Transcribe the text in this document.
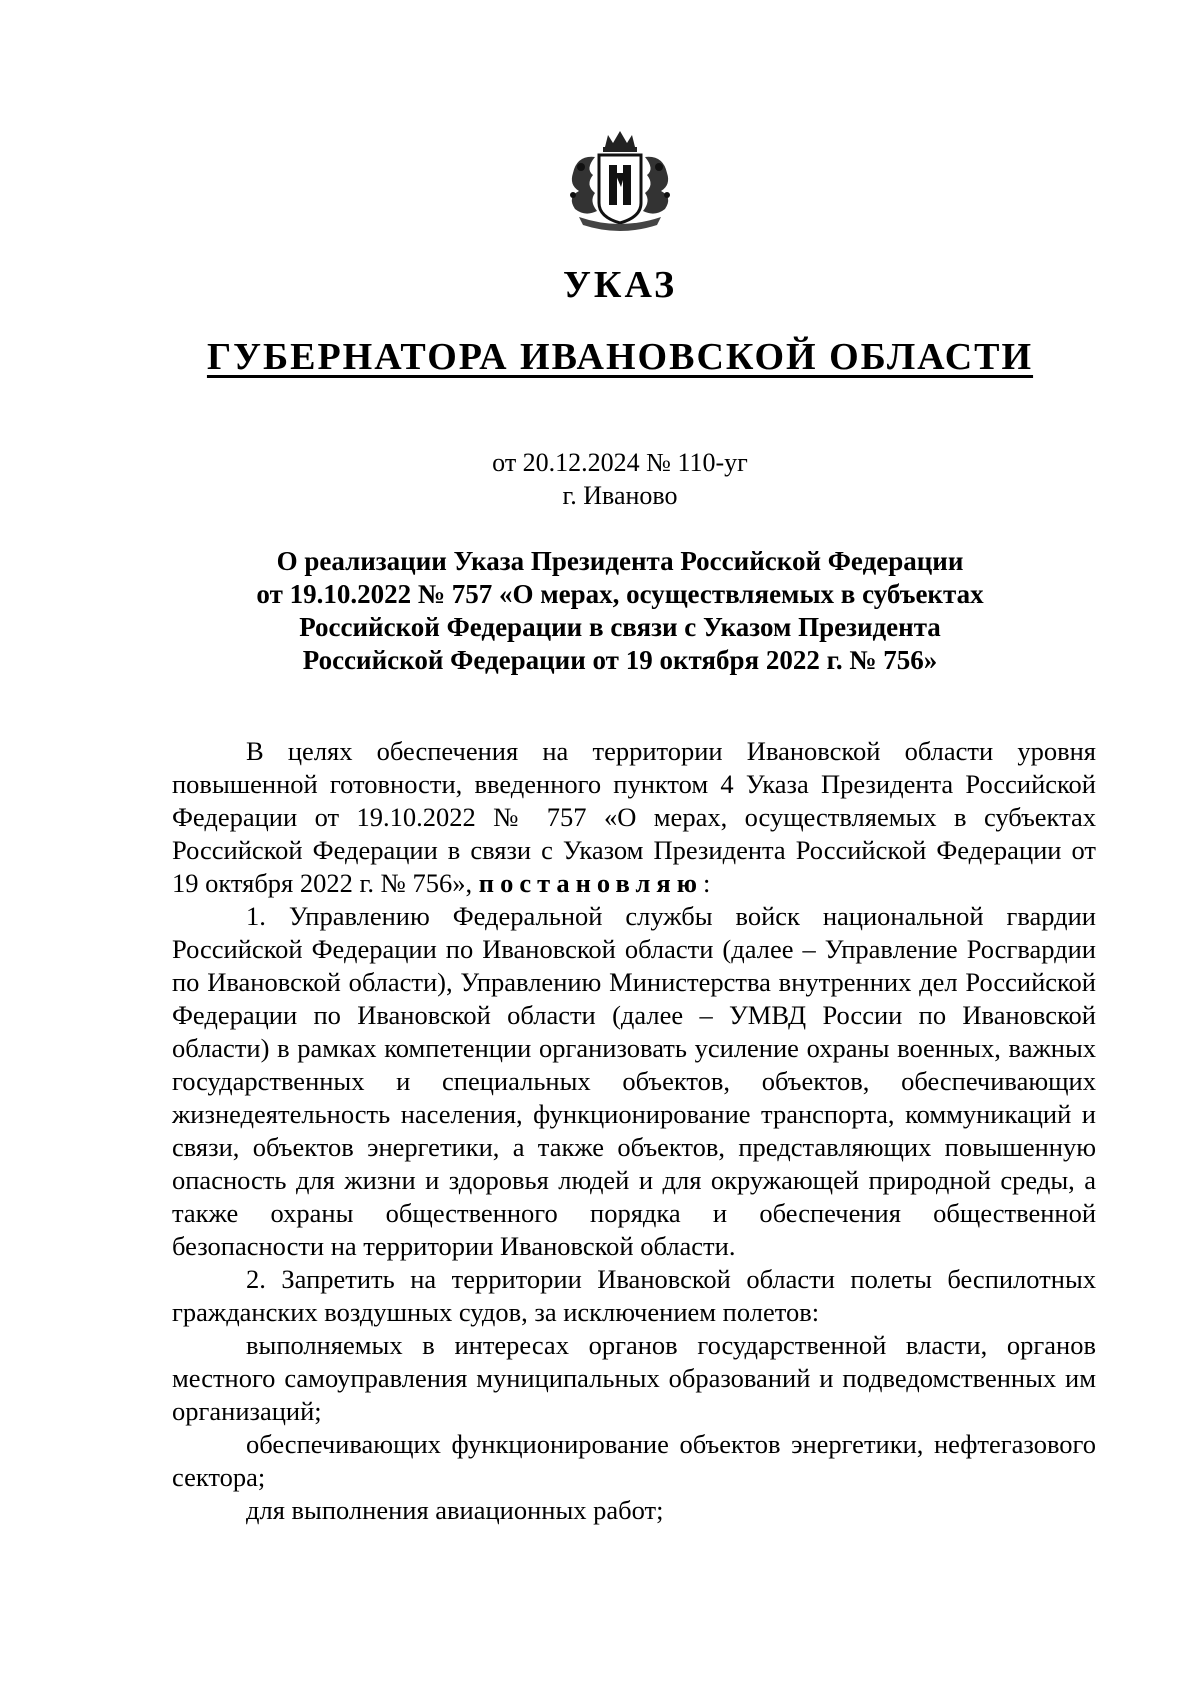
УКАЗ
ГУБЕРНАТОРА ИВАНОВСКОЙ ОБЛАСТИ
от 20.12.2024 № 110-уг
г. Иваново
О реализации Указа Президента Российской Федерации
от 19.10.2022 № 757 «О мерах, осуществляемых в субъектах
Российской Федерации в связи с Указом Президента
Российской Федерации от 19 октября 2022 г. № 756»

В целях обеспечения на территории Ивановской области уровня повышенной готовности, введенного пунктом 4 Указа Президента Российской Федерации от 19.10.2022 № 757 «О мерах, осуществляемых в субъектах Российской Федерации в связи с Указом Президента Российской Федерации от 19 октября 2022 г. № 756», постановляю:

1. Управлению Федеральной службы войск национальной гвардии Российской Федерации по Ивановской области (далее – Управление Росгвардии по Ивановской области), Управлению Министерства внутренних дел Российской Федерации по Ивановской области (далее – УМВД России по Ивановской области) в рамках компетенции организовать усиление охраны военных, важных государственных и специальных объектов, объектов, обеспечивающих жизнедеятельность населения, функционирование транспорта, коммуникаций и связи, объектов энергетики, а также объектов, представляющих повышенную опасность для жизни и здоровья людей и для окружающей природной среды, а также охраны общественного порядка и обеспечения общественной безопасности на территории Ивановской области.

2. Запретить на территории Ивановской области полеты беспилотных гражданских воздушных судов, за исключением полетов:

выполняемых в интересах органов государственной власти, органов местного самоуправления муниципальных образований и подведомственных им организаций;

обеспечивающих функционирование объектов энергетики, нефтегазового сектора;

для выполнения авиационных работ;
